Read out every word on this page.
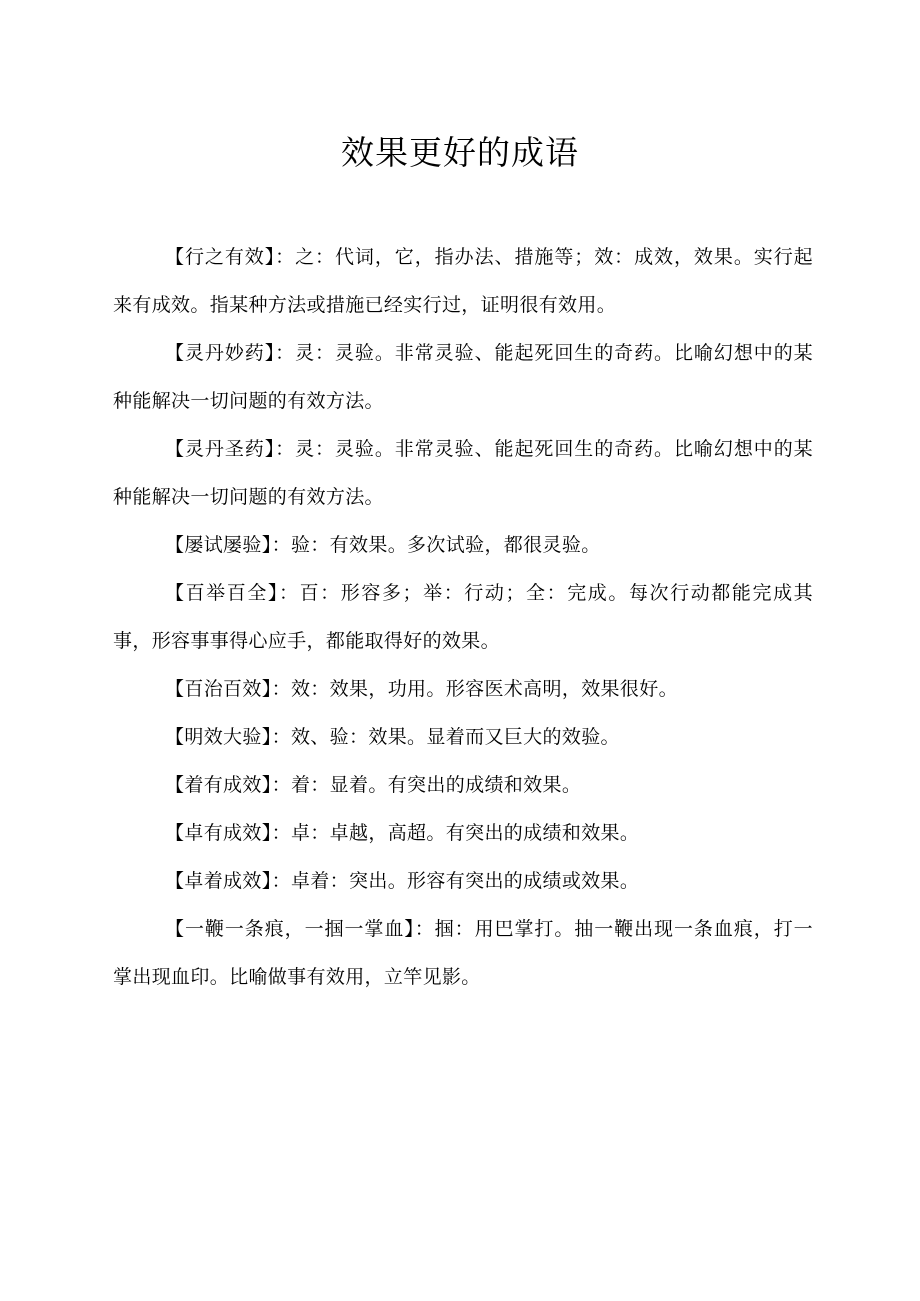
效果更好的成语

【行之有效】：之：代词，它，指办法、措施等；效：成效，效果。实行起来有成效。指某种方法或措施已经实行过，证明很有效用。

【灵丹妙药】：灵：灵验。非常灵验、能起死回生的奇药。比喻幻想中的某种能解决一切问题的有效方法。

【灵丹圣药】：灵：灵验。非常灵验、能起死回生的奇药。比喻幻想中的某种能解决一切问题的有效方法。

【屡试屡验】：验：有效果。多次试验，都很灵验。

【百举百全】：百：形容多；举：行动；全：完成。每次行动都能完成其事，形容事事得心应手，都能取得好的效果。

【百治百效】：效：效果，功用。形容医术高明，效果很好。

【明效大验】：效、验：效果。显着而又巨大的效验。

【着有成效】：着：显着。有突出的成绩和效果。

【卓有成效】：卓：卓越，高超。有突出的成绩和效果。

【卓着成效】：卓着：突出。形容有突出的成绩或效果。

【一鞭一条痕，一掴一掌血】：掴：用巴掌打。抽一鞭出现一条血痕，打一掌出现血印。比喻做事有效用，立竿见影。
